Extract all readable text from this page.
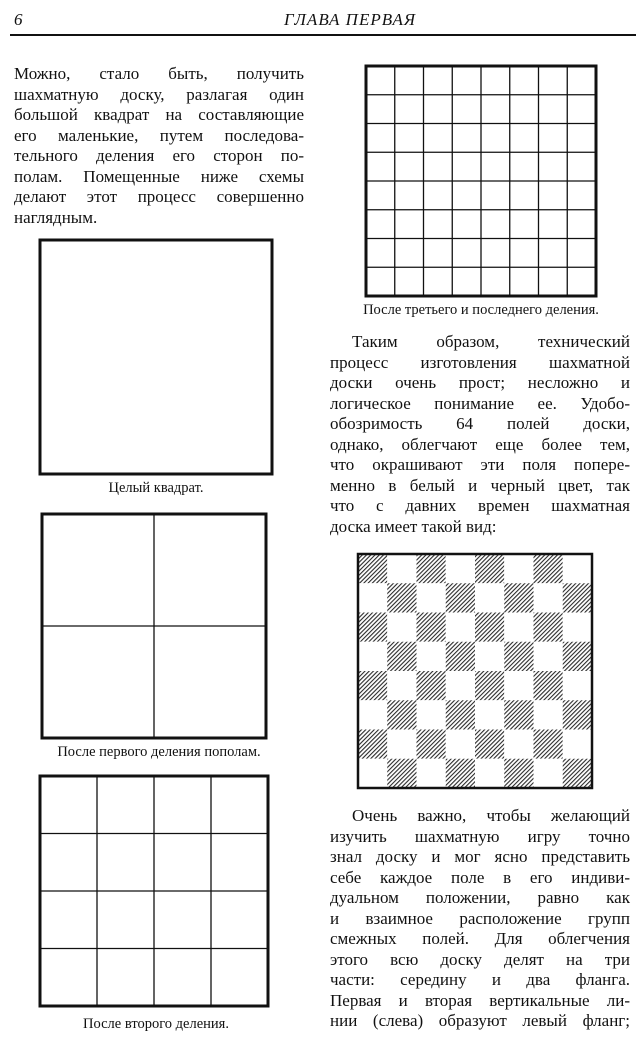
6	ГЛАВА ПЕРВАЯ
Можно, стало быть, получить
шахматную доску, разлагая один
большой квадрат на составляющие
его маленькие, путем последова-
тельного деления его сторон по-
полам. Помещенные ниже схемы
делают этот процесс совершенно
наглядным.
Целый квадрат.
После первого деления пополам.
После второго деления.
После третьего и последнего деления.
Таким образом, технический
процесс изготовления шахматной
доски очень прост; несложно и
логическое понимание ее. Удобо-
обозримость 64 полей доски,
однако, облегчают еще более тем,
что окрашивают эти поля попере-
менно в белый и черный цвет, так
что с давних времен шахматная
доска имеет такой вид:
Очень важно, чтобы желающий
изучить шахматную игру точно
знал доску и мог ясно представить
себе каждое поле в его индиви-
дуальном положении, равно как
и взаимное расположение групп
смежных полей. Для облегчения
этого всю доску делят на три
части: середину и два фланга.
Первая и вторая вертикальные ли-
нии (слева) образуют левый фланг;
